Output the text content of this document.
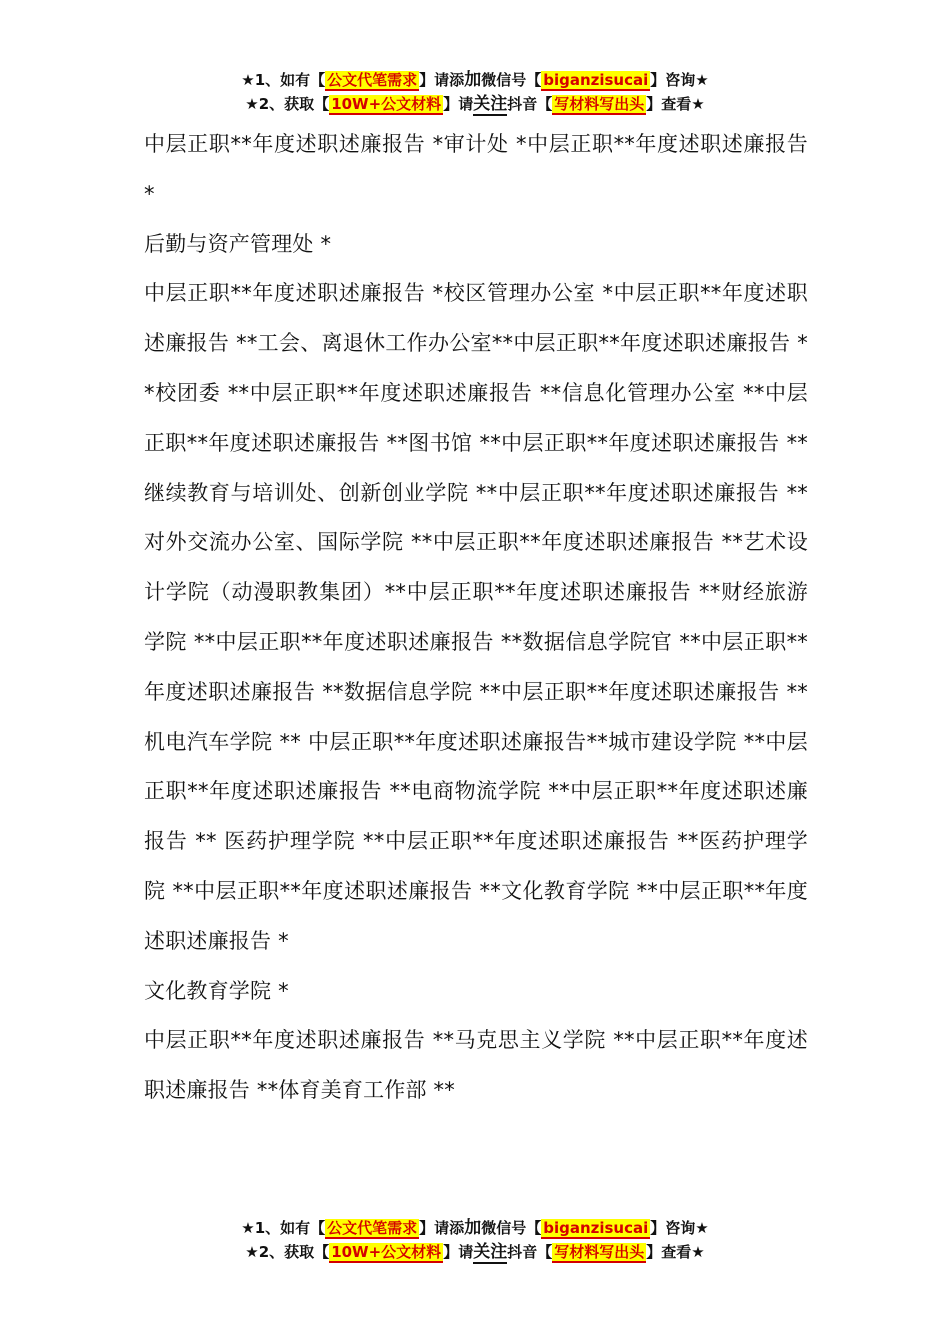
★1、如有【 公文代笔需求 】请添加微信号【 biganzisucai 】咨询★
★2、获取【 10W+公文材料 】请关注抖音【 写材料写出头 】查看★

中层正职**年度述职述廉报告 *审计处 *中层正职**年度述职述廉报告 *

后勤与资产管理处 *

中层正职**年度述职述廉报告 *校区管理办公室 *中层正职**年度述职述廉报告 **工会、离退休工作办公室**中层正职**年度述职述廉报告 **校团委 **中层正职**年度述职述廉报告 **信息化管理办公室 **中层正职**年度述职述廉报告 **图书馆 **中层正职**年度述职述廉报告 **继续教育与培训处、创新创业学院 **中层正职**年度述职述廉报告 **对外交流办公室、国际学院 **中层正职**年度述职述廉报告 **艺术设计学院（动漫职教集团）**中层正职**年度述职述廉报告 **财经旅游学院 **中层正职**年度述职述廉报告 **数据信息学院官 **中层正职**年度述职述廉报告 **数据信息学院 **中层正职**年度述职述廉报告 **机电汽车学院 ** 中层正职**年度述职述廉报告**城市建设学院 **中层正职**年度述职述廉报告 **电商物流学院 **中层正职**年度述职述廉报告 ** 医药护理学院 **中层正职**年度述职述廉报告 **医药护理学院 **中层正职**年度述职述廉报告 **文化教育学院 **中层正职**年度述职述廉报告 *

文化教育学院 *

中层正职**年度述职述廉报告 **马克思主义学院 **中层正职**年度述职述廉报告 **体育美育工作部 **

★1、如有【 公文代笔需求 】请添加微信号【 biganzisucai 】咨询★
★2、获取【 10W+公文材料 】请关注抖音【 写材料写出头 】查看★
